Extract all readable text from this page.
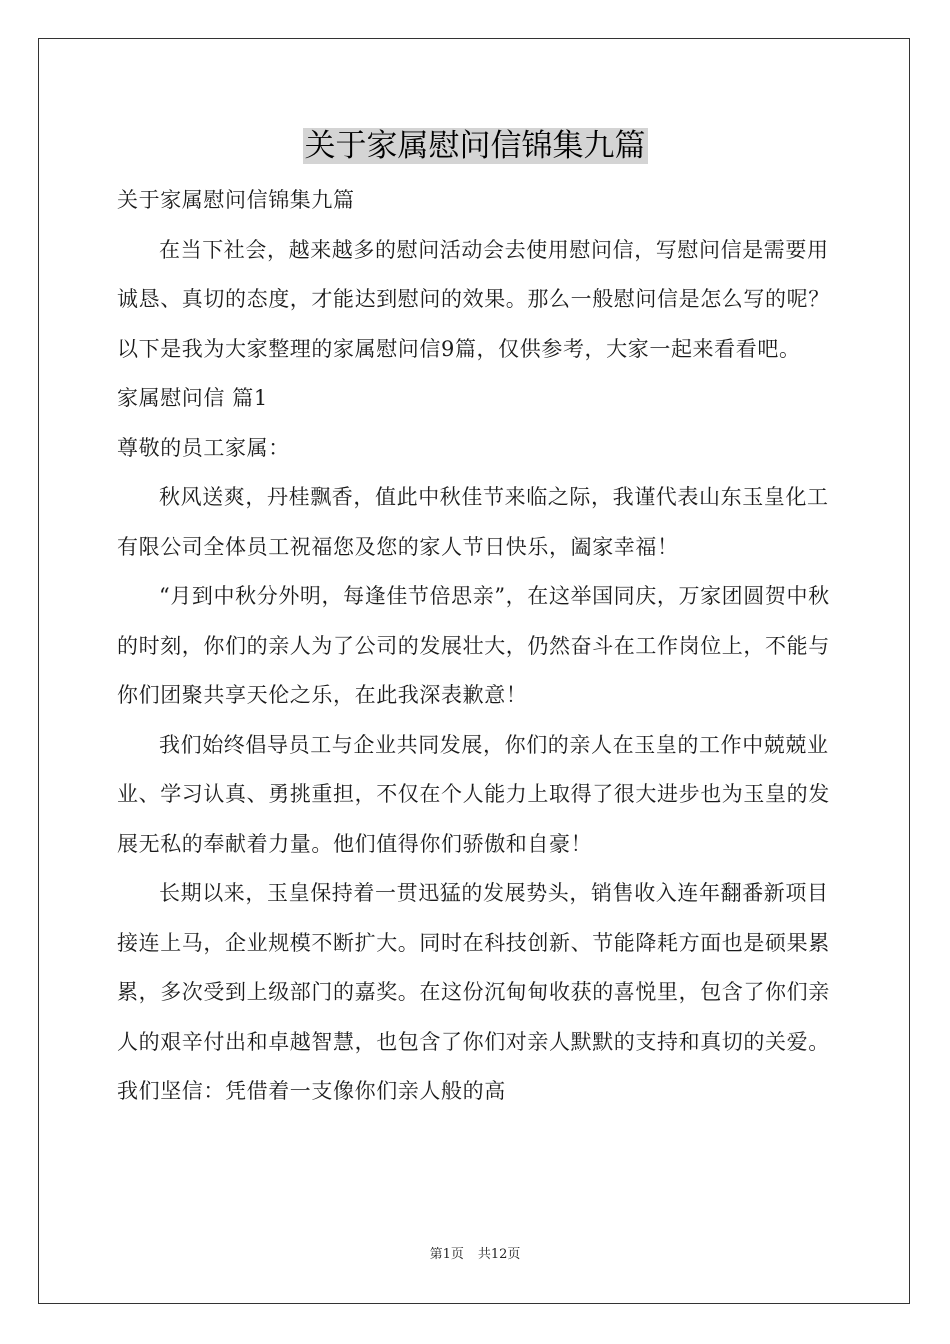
关于家属慰问信锦集九篇

关于家属慰问信锦集九篇

在当下社会，越来越多的慰问活动会去使用慰问信，写慰问信是需要用诚恳、真切的态度，才能达到慰问的效果。那么一般慰问信是怎么写的呢？以下是我为大家整理的家属慰问信9篇，仅供参考，大家一起来看看吧。

家属慰问信 篇1

尊敬的员工家属：

秋风送爽，丹桂飘香，值此中秋佳节来临之际，我谨代表山东玉皇化工有限公司全体员工祝福您及您的家人节日快乐，阖家幸福！

“月到中秋分外明，每逢佳节倍思亲”，在这举国同庆，万家团圆贺中秋的时刻，你们的亲人为了公司的发展壮大，仍然奋斗在工作岗位上，不能与你们团聚共享天伦之乐，在此我深表歉意！

我们始终倡导员工与企业共同发展，你们的亲人在玉皇的工作中兢兢业业、学习认真、勇挑重担，不仅在个人能力上取得了很大进步也为玉皇的发展无私的奉献着力量。他们值得你们骄傲和自豪！

长期以来，玉皇保持着一贯迅猛的发展势头，销售收入连年翻番新项目接连上马，企业规模不断扩大。同时在科技创新、节能降耗方面也是硕果累累，多次受到上级部门的嘉奖。在这份沉甸甸收获的喜悦里，包含了你们亲人的艰辛付出和卓越智慧，也包含了你们对亲人默默的支持和真切的关爱。我们坚信：凭借着一支像你们亲人般的高

第1页 共12页
